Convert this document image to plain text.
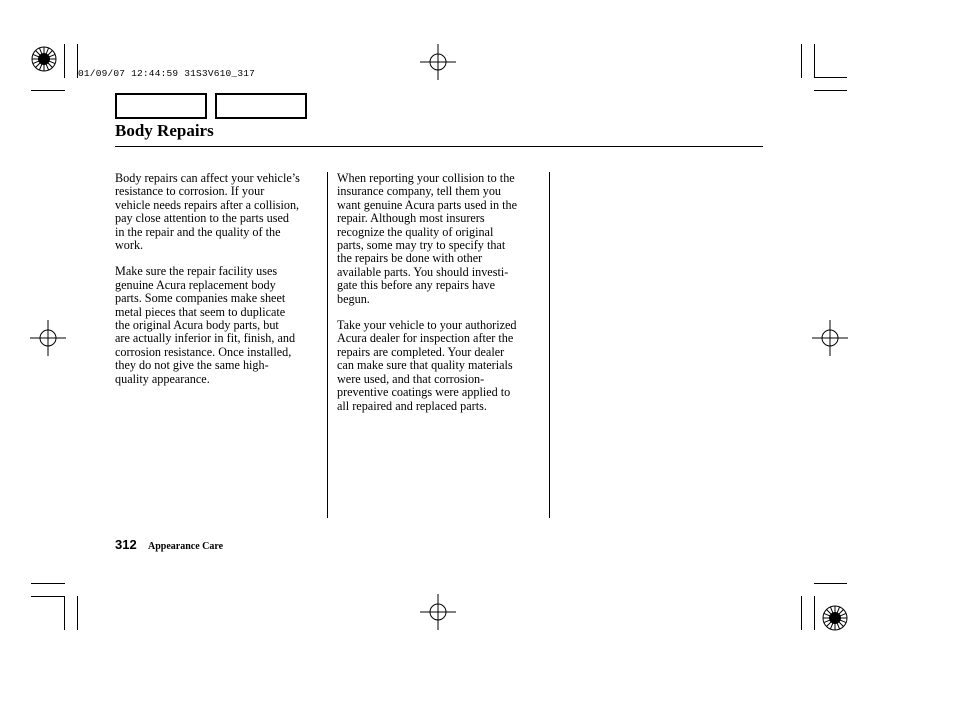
01/09/07 12:44:59 31S3V610_317
Body Repairs

Body repairs can affect your vehicle’s
resistance to corrosion. If your
vehicle needs repairs after a collision,
pay close attention to the parts used
in the repair and the quality of the
work.

Make sure the repair facility uses
genuine Acura replacement body
parts. Some companies make sheet
metal pieces that seem to duplicate
the original Acura body parts, but
are actually inferior in fit, finish, and
corrosion resistance. Once installed,
they do not give the same high-
quality appearance.

When reporting your collision to the
insurance company, tell them you
want genuine Acura parts used in the
repair. Although most insurers
recognize the quality of original
parts, some may try to specify that
the repairs be done with other
available parts. You should investi-
gate this before any repairs have
begun.

Take your vehicle to your authorized
Acura dealer for inspection after the
repairs are completed. Your dealer
can make sure that quality materials
were used, and that corrosion-
preventive coatings were applied to
all repaired and replaced parts.

312 Appearance Care
